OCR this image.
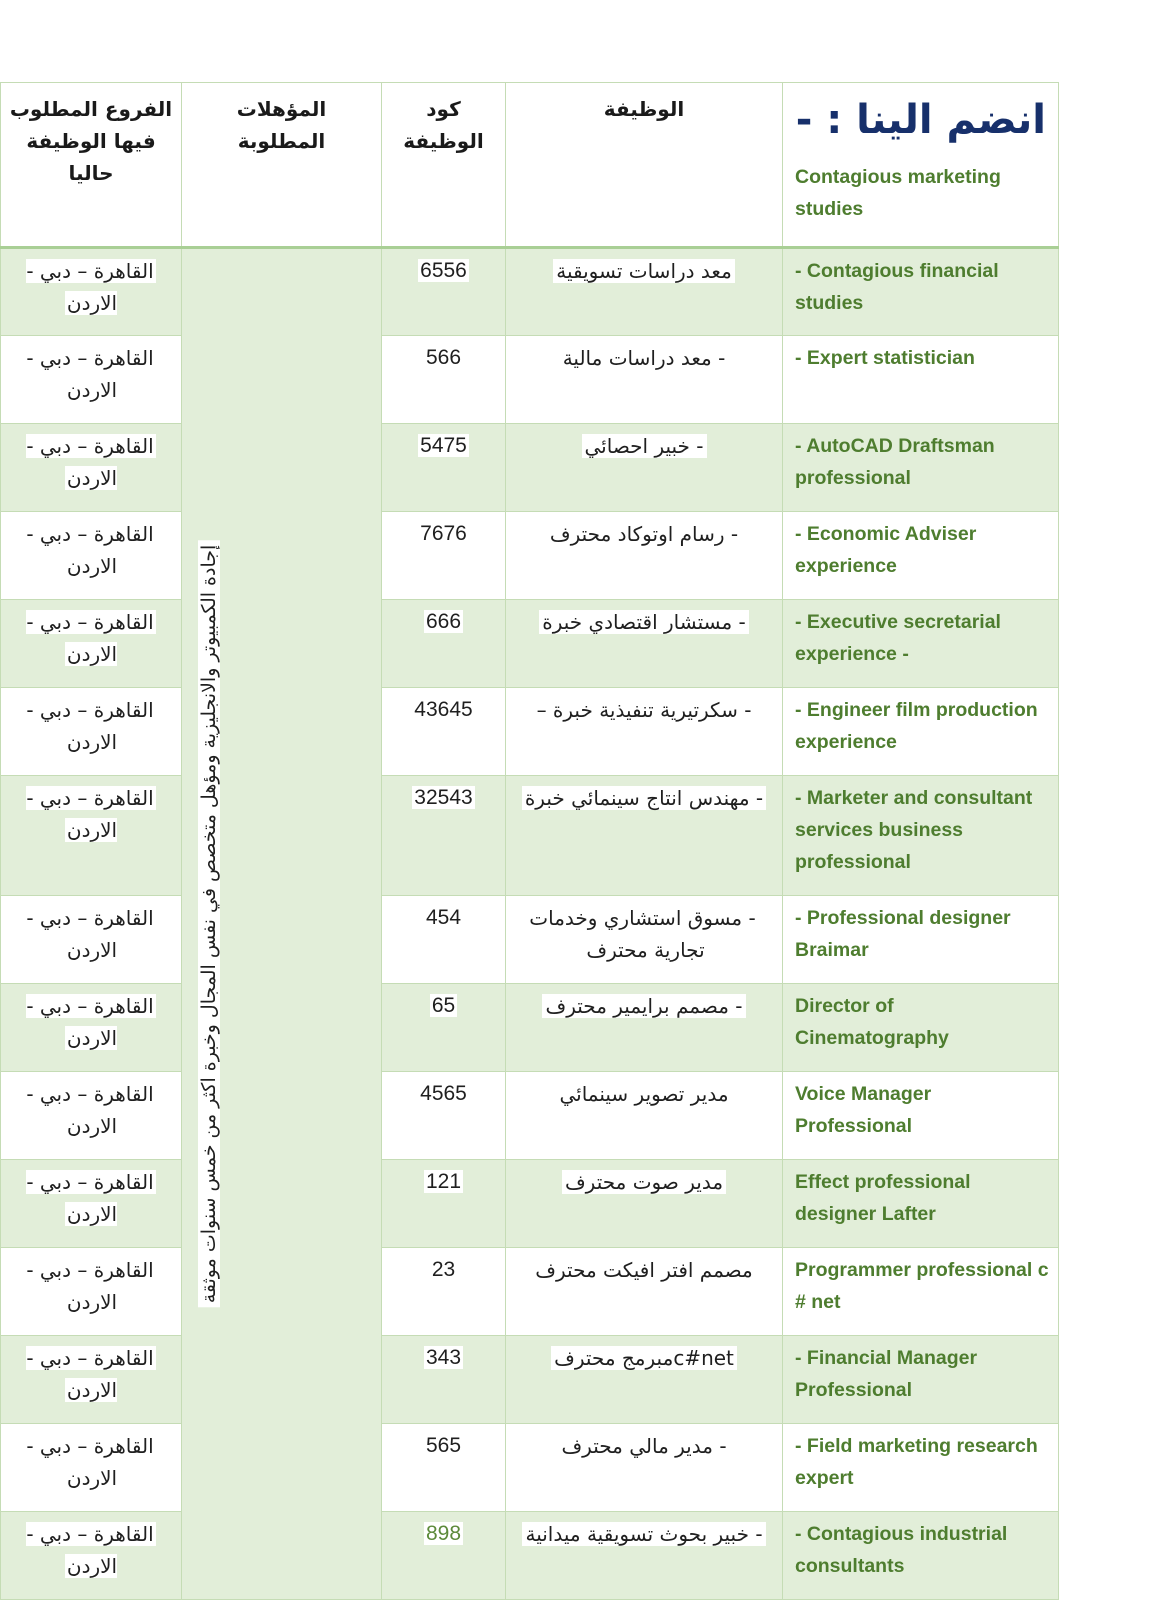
الفروع المطلوب فيها الوظيفة حاليا	المؤهلات المطلوبة	كود الوظيفة	الوظيفة	انضم الينا : -
Contagious marketing studies

القاهرة – دبي - الاردن	إجادة الكمبيوتر والانجليزية ومؤهل متخصص في نفس المجال وخبرة اكثر من خمس سنوات موثقة	6556	معد دراسات تسويقية	- Contagious financial studies

القاهرة – دبي - الاردن		566	- معد دراسات مالية	- Expert statistician

القاهرة – دبي - الاردن		5475	- خبير احصائي	- AutoCAD Draftsman professional

القاهرة – دبي - الاردن		7676	- رسام اوتوكاد محترف	- Economic Adviser experience

القاهرة – دبي - الاردن		666	- مستشار اقتصادي خبرة	- Executive secretarial experience -

القاهرة – دبي - الاردن		43645	- سكرتيرية تنفيذية خبرة –	- Engineer film production experience

القاهرة – دبي - الاردن		32543	- مهندس انتاج سينمائي خبرة	- Marketer and consultant services business professional

القاهرة – دبي - الاردن		454	- مسوق استشاري وخدمات تجارية محترف	- Professional designer Braimar

القاهرة – دبي - الاردن		65	- مصمم برايمير محترف	Director of Cinematography

القاهرة – دبي - الاردن		4565	مدير تصوير سينمائي	Voice Manager Professional

القاهرة – دبي - الاردن		121	مدير صوت محترف	Effect professional designer Lafter

القاهرة – دبي - الاردن		23	مصمم افتر افيكت محترف	Programmer professional c # net

القاهرة – دبي - الاردن		343	c#netمبرمج محترف	- Financial Manager Professional

القاهرة – دبي - الاردن		565	- مدير مالي محترف	- Field marketing research expert

القاهرة – دبي - الاردن		898	- خبير بحوث تسويقية ميدانية	- Contagious industrial consultants
